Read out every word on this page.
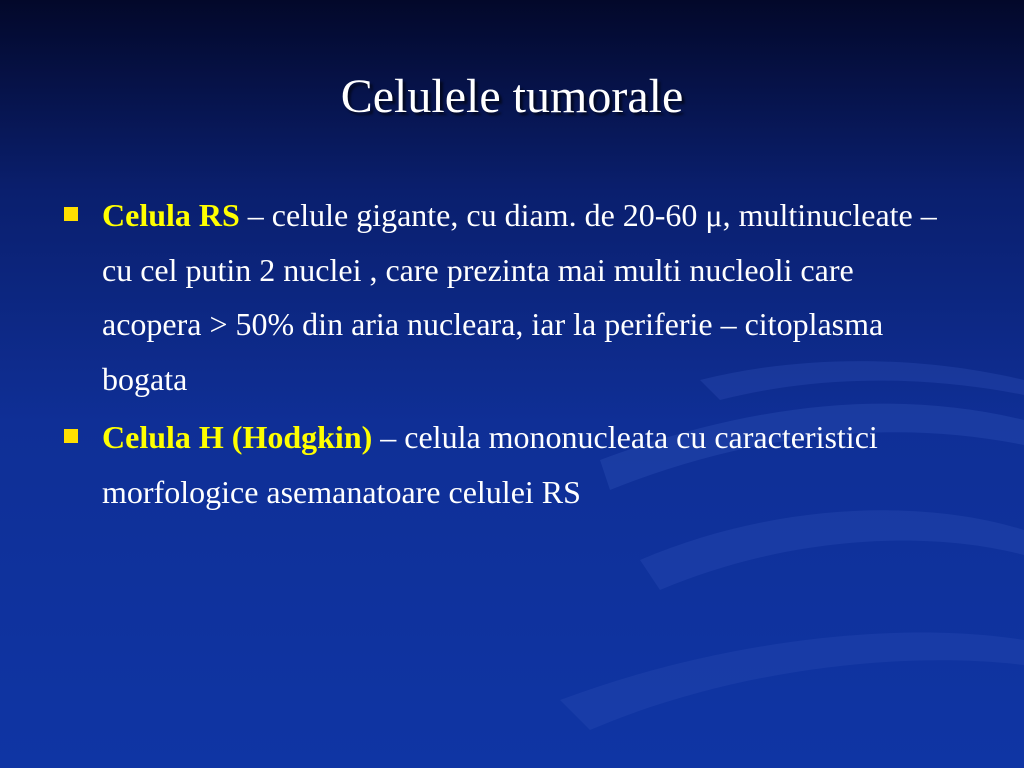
Celulele tumorale
Celula RS – celule gigante, cu diam. de 20-60 μ, multinucleate – cu cel putin 2 nuclei , care prezinta mai multi nucleoli care acopera > 50% din aria nucleara, iar la periferie – citoplasma bogata
Celula H (Hodgkin) – celula mononucleata cu caracteristici morfologice asemanatoare celulei RS
